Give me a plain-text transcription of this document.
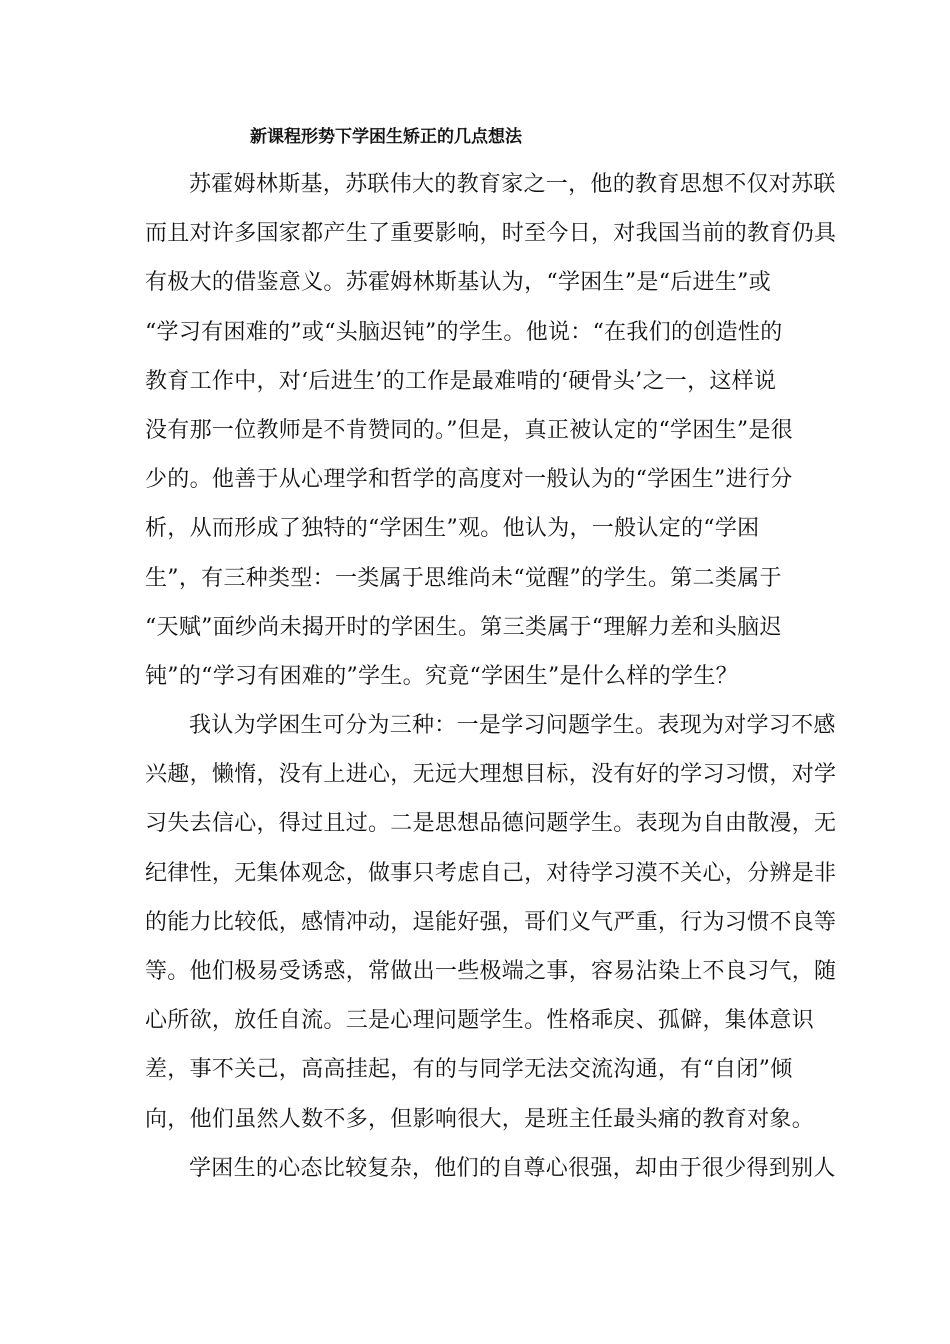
新课程形势下学困生矫正的几点想法
苏霍姆林斯基，苏联伟大的教育家之一，他的教育思想不仅对苏联
而且对许多国家都产生了重要影响，时至今日，对我国当前的教育仍具
有极大的借鉴意义。苏霍姆林斯基认为，“学困生”是“后进生”或
“学习有困难的”或“头脑迟钝”的学生。他说：“在我们的创造性的
教育工作中，对‘后进生’的工作是最难啃的‘硬骨头’之一，这样说
没有那一位教师是不肯赞同的。”但是，真正被认定的“学困生”是很
少的。他善于从心理学和哲学的高度对一般认为的“学困生”进行分
析，从而形成了独特的“学困生”观。他认为，一般认定的“学困
生”，有三种类型：一类属于思维尚未“觉醒”的学生。第二类属于
“天赋”面纱尚未揭开时的学困生。第三类属于“理解力差和头脑迟
钝”的“学习有困难的”学生。究竟“学困生”是什么样的学生？
我认为学困生可分为三种：一是学习问题学生。表现为对学习不感
兴趣，懒惰，没有上进心，无远大理想目标，没有好的学习习惯，对学
习失去信心，得过且过。二是思想品德问题学生。表现为自由散漫，无
纪律性，无集体观念，做事只考虑自己，对待学习漠不关心，分辨是非
的能力比较低，感情冲动，逞能好强，哥们义气严重，行为习惯不良等
等。他们极易受诱惑，常做出一些极端之事，容易沾染上不良习气，随
心所欲，放任自流。三是心理问题学生。性格乖戾、孤僻，集体意识
差，事不关己，高高挂起，有的与同学无法交流沟通，有“自闭”倾
向，他们虽然人数不多，但影响很大，是班主任最头痛的教育对象。
学困生的心态比较复杂，他们的自尊心很强，却由于很少得到别人
